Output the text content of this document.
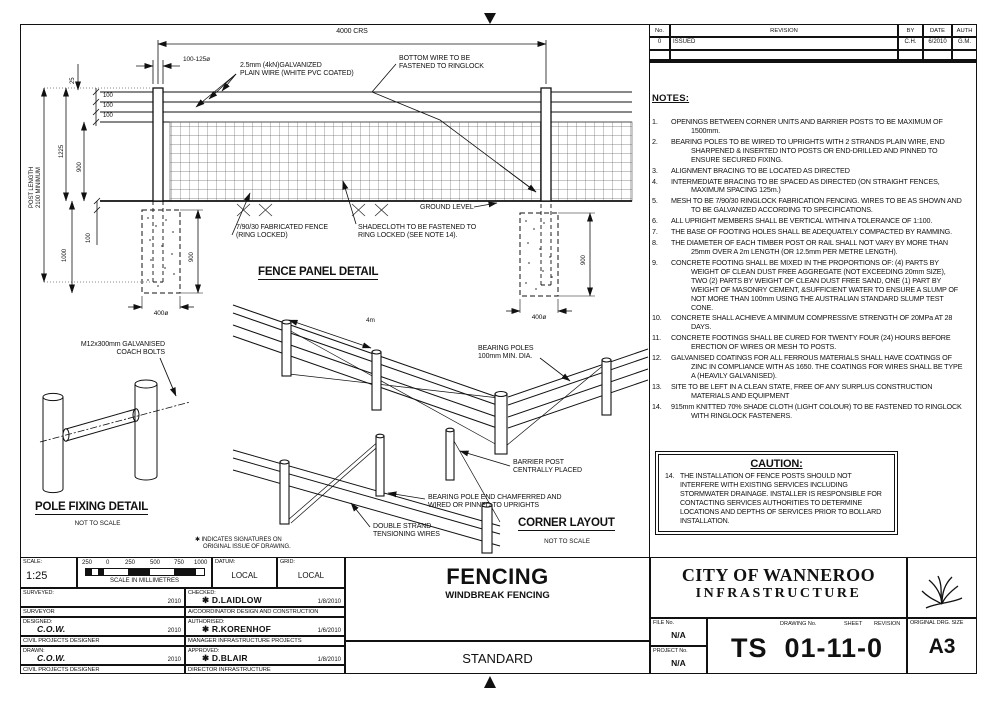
No.	REVISION	BY	DATE	AUTH
0	ISSUED	C.H.	6/2010	G.M.
NOTES:
1.	OPENINGS BETWEEN CORNER UNITS AND BARRIER POSTS TO BE MAXIMUM OF 1500mm.
2.	BEARING POLES TO BE WIRED TO UPRIGHTS WITH 2 STRANDS PLAIN WIRE, END SHARPENED & INSERTED INTO POSTS OR END-DRILLED AND PINNED TO ENSURE SECURED FIXING.
3.	ALIGNMENT BRACING TO BE LOCATED AS DIRECTED
4.	INTERMEDIATE BRACING TO BE SPACED AS DIRECTED (ON STRAIGHT FENCES, MAXIMUM SPACING 125m.)
5.	MESH TO BE 7/90/30 RINGLOCK FABRICATION FENCING. WIRES TO BE AS SHOWN AND TO BE GALVANIZED ACCORDING TO SPECIFICATIONS.
6.	ALL UPRIGHT MEMBERS SHALL BE VERTICAL WITHIN A TOLERANCE OF 1:100.
7.	THE BASE OF FOOTING HOLES SHALL BE ADEQUATELY COMPACTED BY RAMMING.
8.	THE DIAMETER OF EACH TIMBER POST OR RAIL SHALL NOT VARY BY MORE THAN 25mm OVER A 2m LENGTH (OR 12.5mm PER METRE LENGTH).
9.	CONCRETE FOOTING SHALL BE MIXED IN THE PROPORTIONS OF: (4) PARTS BY WEIGHT OF CLEAN DUST FREE AGGREGATE (NOT EXCEEDING 20mm SIZE), TWO (2) PARTS BY WEIGHT OF CLEAN DUST FREE SAND, ONE (1) PART BY WEIGHT OF MASONRY CEMENT, &SUFFICIENT WATER TO ENSURE A SLUMP OF NOT MORE THAN 100mm USING THE AUSTRALIAN STANDARD SLUMP TEST CONE.
10.	CONCRETE SHALL ACHIEVE A MINIMUM COMPRESSIVE STRENGTH OF 20MPa AT 28 DAYS.
11.	CONCRETE FOOTINGS SHALL BE CURED FOR TWENTY FOUR (24) HOURS BEFORE ERECTION OF WIRES OR MESH TO POSTS.
12.	GALVANISED COATINGS FOR ALL FERROUS MATERIALS SHALL HAVE COATINGS OF ZINC IN COMPLIANCE WITH AS 1650. THE COATINGS FOR WIRES SHALL BE TYPE A (HEAVILY GALVANISED).
13.	SITE TO BE LEFT IN A CLEAN STATE, FREE OF ANY SURPLUS CONSTRUCTION MATERIALS AND EQUIPMENT
14.	915mm KNITTED 70% SHADE CLOTH (LIGHT COLOUR) TO BE FASTENED TO RINGLOCK WITH RINGLOCK FASTENERS.
CAUTION:
14. THE INSTALLATION OF FENCE POSTS SHOULD NOT INTERFERE WITH EXISTING SERVICES INCLUDING STORMWATER DRAINAGE. INSTALLER IS RESPONSIBLE FOR CONTACTING SERVICES AUTHORITIES TO DETERMINE LOCATIONS AND DEPTHS OF SERVICES PRIOR TO BOLLARD INSTALLATION.
4000 CRS
100-125ø
25
100
100
100
1225
900
POST LENGTH
2100 MINIMUM
100
1000	900	900
400ø
400ø
2.5mm (4kN)GALVANIZED
PLAIN WIRE (WHITE PVC COATED)
BOTTOM WIRE TO BE
FASTENED TO RINGLOCK
GROUND LEVEL
7/90/30 FABRICATED FENCE
(RING LOCKED)
SHADECLOTH TO BE FASTENED TO
RING LOCKED (SEE NOTE 14).
FENCE PANEL DETAIL
M12x300mm GALVANISED
COACH BOLTS
POLE FIXING DETAIL
NOT TO SCALE
4m
BEARING POLES
100mm MIN. DIA.
BARRIER POST
CENTRALLY PLACED
BEARING POLE END CHAMFERRED AND
WIRED OR PINNED TO UPRIGHTS
DOUBLE STRAND
TENSIONING WIRES
CORNER LAYOUT
NOT TO SCALE
✱ INDICATES SIGNATURES ON
ORIGINAL ISSUE OF DRAWING.
SCALE:
1:25
250 0	250 500 750 1000
SCALE IN MILLIMETRES
DATUM:
LOCAL
GRID:
LOCAL
SURVEYED:
2010
SURVEYOR
CHECKED:
✱ D.LAIDLOW	1/8/2010
A/COORDINATOR DESIGN AND CONSTRUCTION
DESIGNED:
C.O.W.	2010
CIVIL PROJECTS DESIGNER
AUTHORISED:
✱ R.KORENHOF	1/6/2010
MANAGER INFRASTRUCTURE PROJECTS
DRAWN:
C.O.W.	2010
CIVIL PROJECTS DESIGNER
APPROVED:
✱ D.BLAIR	1/8/2010
DIRECTOR INFRASTRUCTURE
FENCING
WINDBREAK FENCING
STANDARD
CITY OF WANNEROO
INFRASTRUCTURE
FILE No.
N/A
PROJECT No.
N/A
DRAWING No.	SHEET REVISION
TS  01-11-0
ORIGINAL DRG. SIZE
A3
